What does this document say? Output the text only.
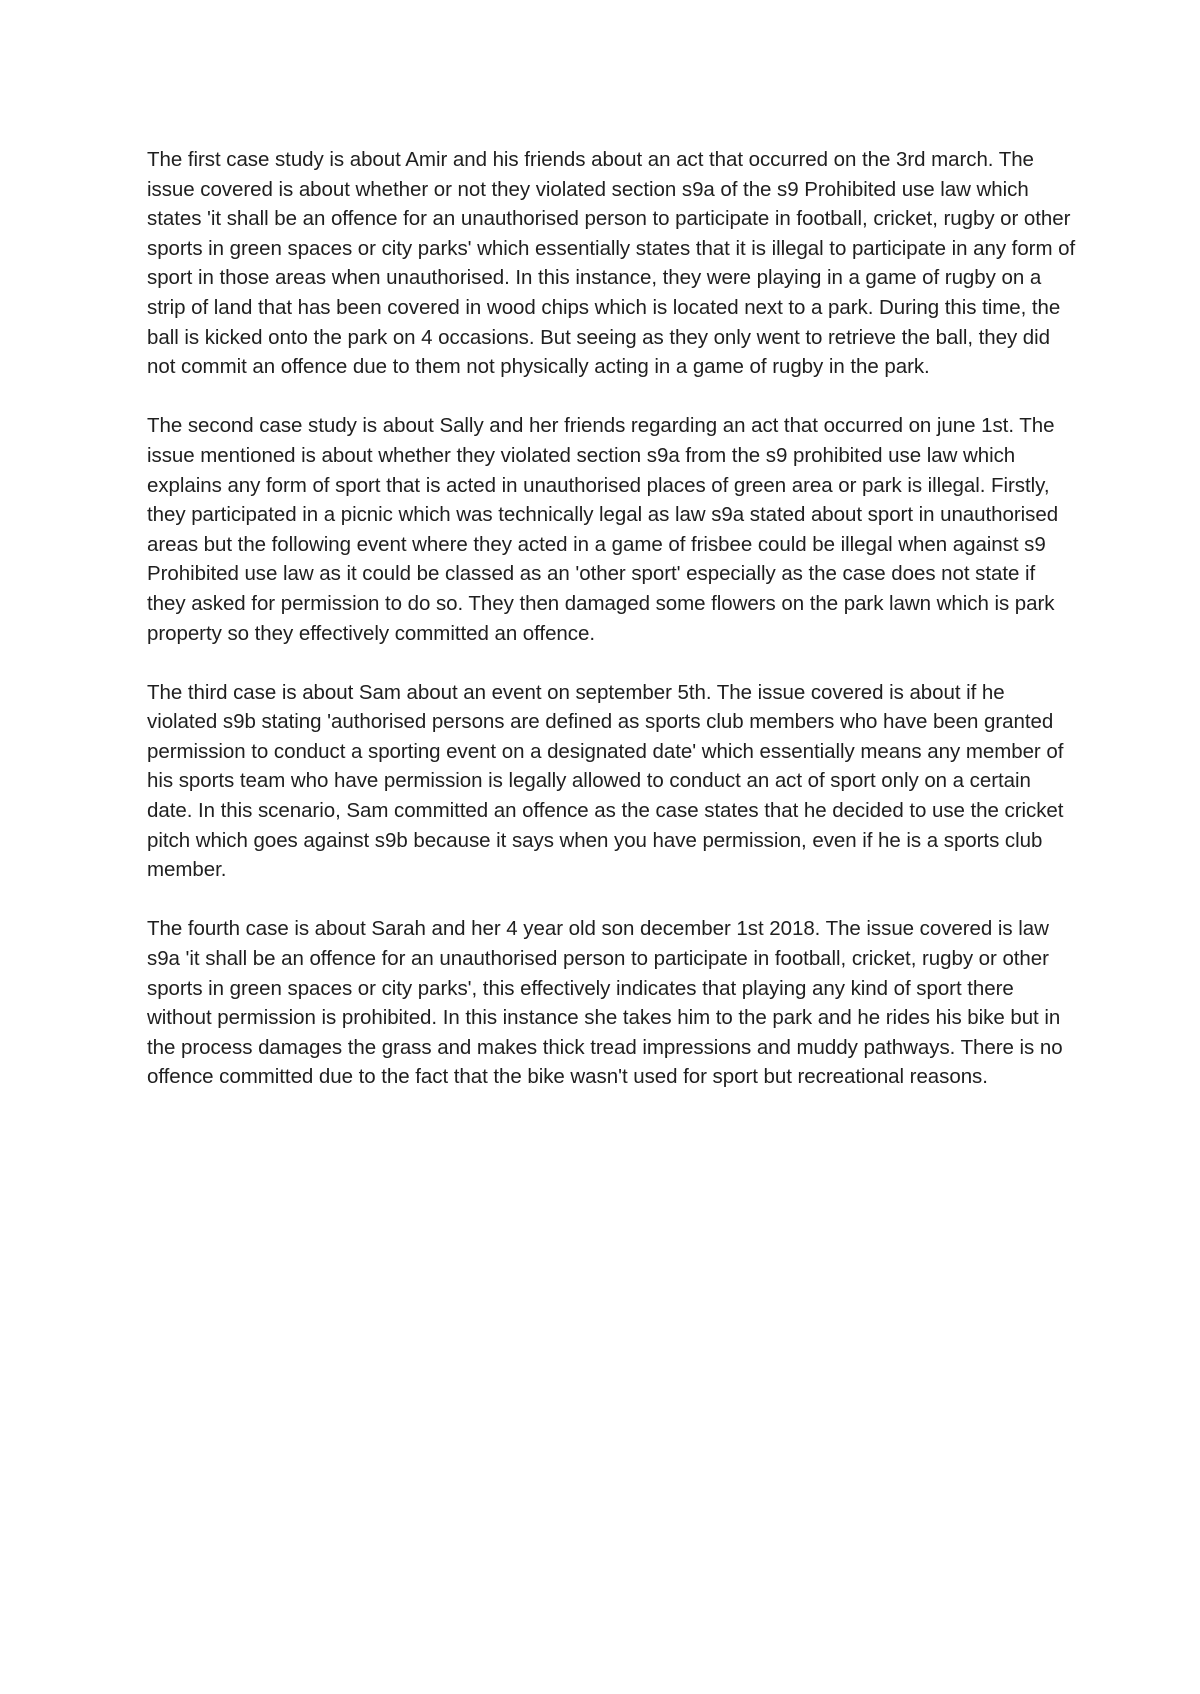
The first case study is about Amir and his friends about an act that occurred on the 3rd march. The issue covered is about whether or not they violated section s9a of the s9 Prohibited use law which states 'it shall be an offence for an unauthorised person to participate in football, cricket, rugby or other sports in green spaces or city parks' which essentially states that it is illegal to participate in any form of sport in those areas when unauthorised. In this instance, they were playing in a game of rugby on a strip of land that has been covered in wood chips which is located next to a park. During this time, the ball is kicked onto the park on 4 occasions. But seeing as they only went to retrieve the ball, they did not commit an offence due to them not physically acting in a game of rugby in the park.

The second case study is about Sally and her friends regarding an act that occurred on june 1st. The issue mentioned is about whether they violated section s9a from the s9 prohibited use law which explains any form of sport that is acted in unauthorised places of green area or park is illegal. Firstly, they participated in a picnic which was technically legal as law s9a stated about sport in unauthorised areas but the following event where they acted in a game of frisbee could be illegal when against s9 Prohibited use law as it could be classed as an 'other sport' especially as the case does not state if they asked for permission to do so. They then damaged some flowers on the park lawn which is park property so they effectively committed an offence.

The third case is about Sam about an event on september 5th. The issue covered is about if he violated s9b stating 'authorised persons are defined as sports club members who have been granted permission to conduct a sporting event on a designated date' which essentially means any member of his sports team who have permission is legally allowed to conduct an act of sport only on a certain date. In this scenario, Sam committed an offence as the case states that he decided to use the cricket pitch which goes against s9b because it says when you have permission, even if he is a sports club member.

The fourth case is about Sarah and her 4 year old son december 1st 2018. The issue covered is law s9a 'it shall be an offence for an unauthorised person to participate in football, cricket, rugby or other sports in green spaces or city parks', this effectively indicates that playing any kind of sport there without permission is prohibited. In this instance she takes him to the park and he rides his bike but in the process damages the grass and makes thick tread impressions and muddy pathways. There is no offence committed due to the fact that the bike wasn't used for sport but recreational reasons.
